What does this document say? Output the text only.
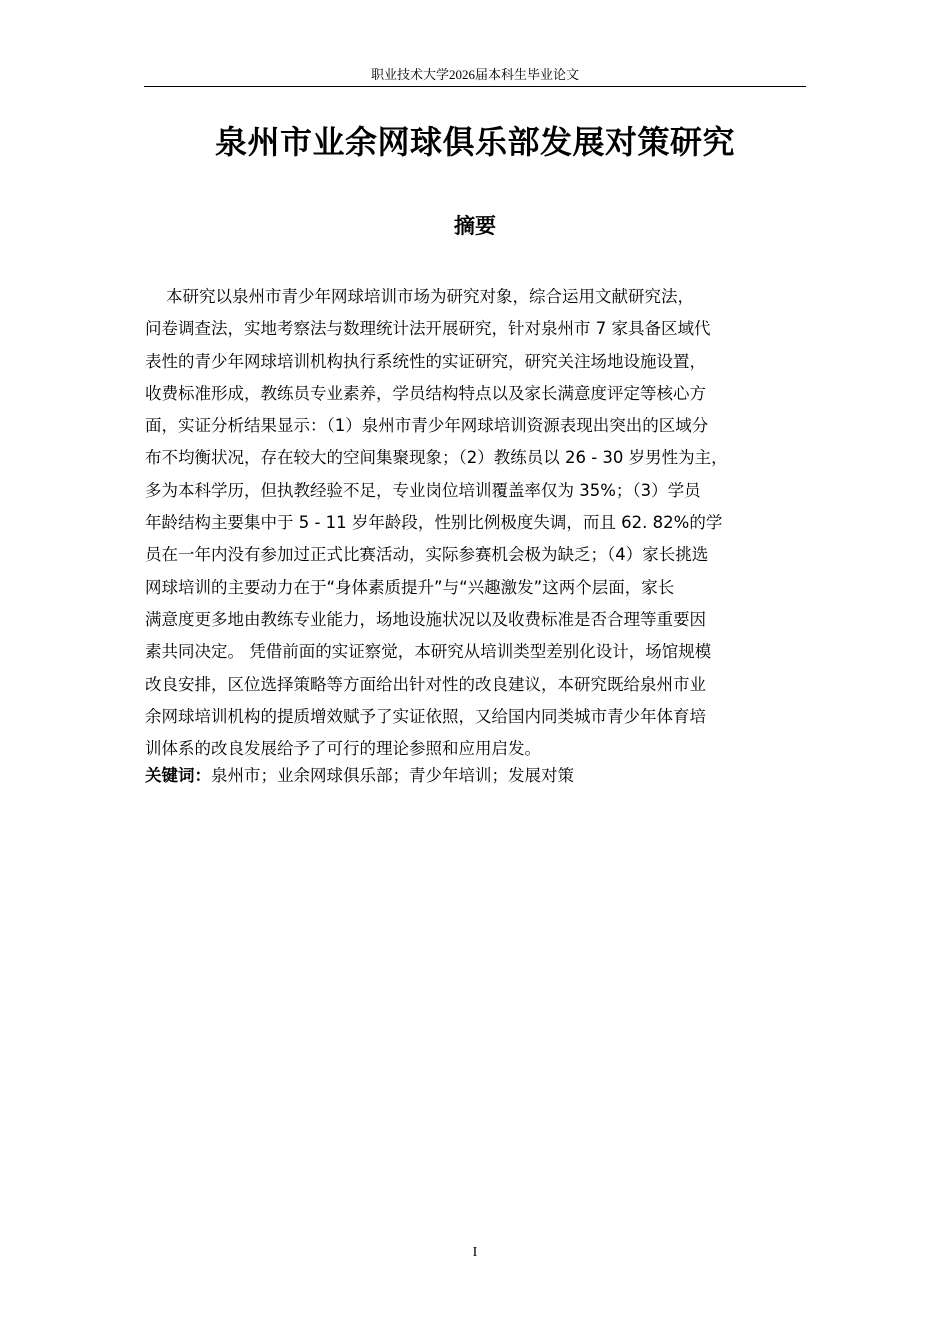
职业技术大学2026届本科生毕业论文
泉州市业余网球俱乐部发展对策研究
摘要

本研究以泉州市青少年网球培训市场为研究对象，综合运用文献研究法，

问卷调查法，实地考察法与数理统计法开展研究，针对泉州市 7 家具备区域代

表性的青少年网球培训机构执行系统性的实证研究，研究关注场地设施设置，

收费标准形成，教练员专业素养，学员结构特点以及家长满意度评定等核心方

面，实证分析结果显示：（1）泉州市青少年网球培训资源表现出突出的区域分

布不均衡状况，存在较大的空间集聚现象；（2）教练员以 26 - 30 岁男性为主，

多为本科学历，但执教经验不足，专业岗位培训覆盖率仅为 35%；（3）学员

年龄结构主要集中于 5 - 11 岁年龄段，性别比例极度失调，而且 62. 82%的学

员在一年内没有参加过正式比赛活动，实际参赛机会极为缺乏；（4）家长挑选

网球培训的主要动力在于“身体素质提升”与“兴趣激发”这两个层面，家长

满意度更多地由教练专业能力，场地设施状况以及收费标准是否合理等重要因

素共同决定。 凭借前面的实证察觉，本研究从培训类型差别化设计，场馆规模

改良安排，区位选择策略等方面给出针对性的改良建议，本研究既给泉州市业

余网球培训机构的提质增效赋予了实证依照，又给国内同类城市青少年体育培

训体系的改良发展给予了可行的理论参照和应用启发。

关键词：泉州市；业余网球俱乐部；青少年培训；发展对策
I
